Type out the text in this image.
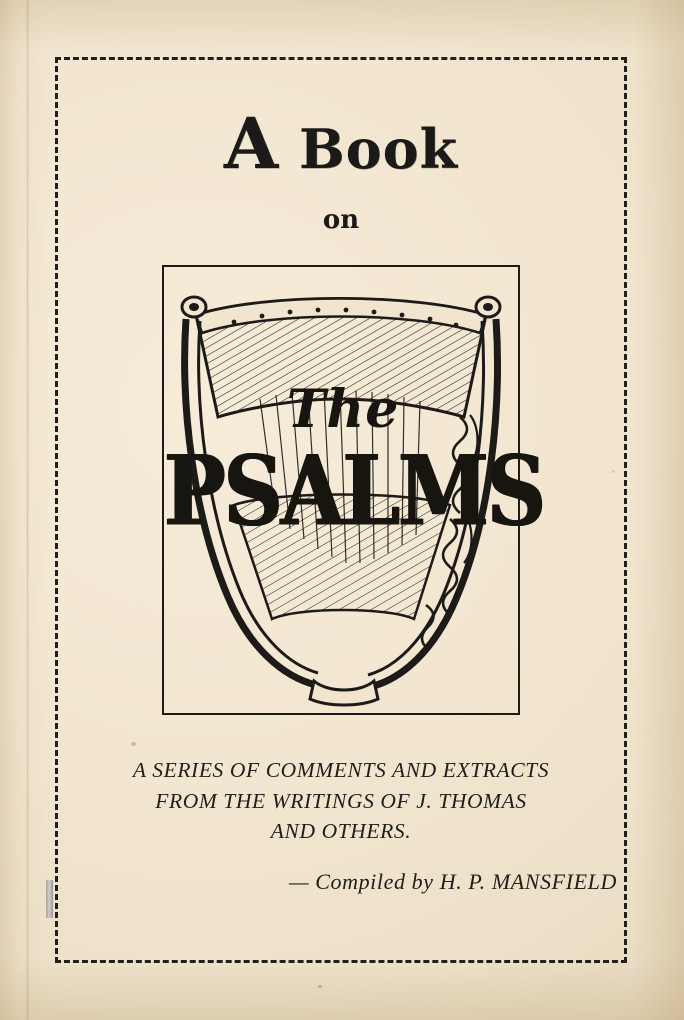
A Book
on
The
PSALMS
A SERIES OF COMMENTS AND EXTRACTS
FROM THE WRITINGS OF J. THOMAS
AND OTHERS.
— Compiled by H. P. MANSFIELD
